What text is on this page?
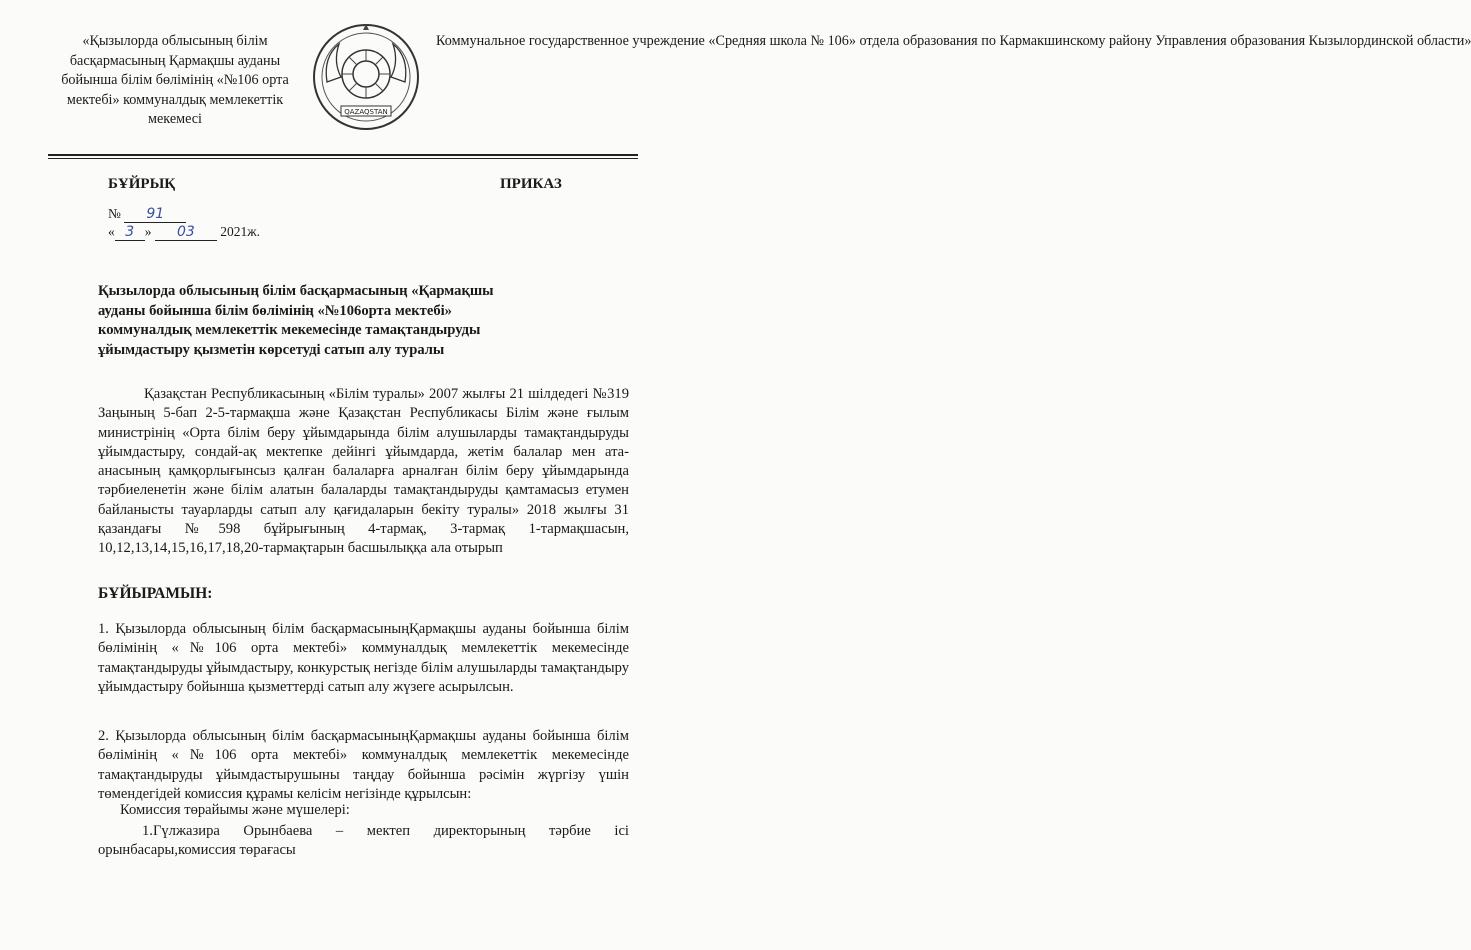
«Қызылорда облысының білім басқармасының Қармақшы ауданы бойынша білім бөлімінің «№106 орта мектебі» коммуналдық мемлекеттік мекемесі	QAZAQSTAN
Коммунальное государственное учреждение «Средняя школа № 106» отдела образования по Кармакшинскому району Управления образования Кызылординской области»
БҰЙРЫҚ	ПРИКАЗ
№ 91
« 3 » 03 2021ж.
Қызылорда облысының білім басқармасының «Қармақшы ауданы бойынша білім бөлімінің «№106орта мектебі» коммуналдық мемлекеттік мекемесінде тамақтандыруды ұйымдастыру қызметін көрсетуді сатып алу туралы
Қазақстан Республикасының «Білім туралы» 2007 жылғы 21 шілдедегі №319 Заңының 5-бап 2-5-тармақша және Қазақстан Республикасы Білім және ғылым министрінің «Орта білім беру ұйымдарында білім алушыларды тамақтандыруды ұйымдастыру, сондай-ақ мектепке дейінгі ұйымдарда, жетім балалар мен ата-анасының қамқорлығынсыз қалған балаларға арналған білім беру ұйымдарында тәрбиеленетін және білім алатын балаларды тамақтандыруды қамтамасыз етумен байланысты тауарларды сатып алу қағидаларын бекіту туралы» 2018 жылғы 31 қазандағы №598 бұйрығының 4-тармақ, 3-тармақ 1-тармақшасын, 10,12,13,14,15,16,17,18,20-тармақтарын басшылыққа ала отырып
БҰЙЫРАМЫН:
1. Қызылорда облысының білім басқармасыныңҚармақшы ауданы бойынша білім бөлімінің «№106 орта мектебі» коммуналдық мемлекеттік мекемесінде тамақтандыруды ұйымдастыру, конкурстық негізде білім алушыларды тамақтандыру ұйымдастыру бойынша қызметтерді сатып алу жүзеге асырылсын.
2. Қызылорда облысының білім басқармасыныңҚармақшы ауданы бойынша білім бөлімінің «№106 орта мектебі» коммуналдық мемлекеттік мекемесінде тамақтандыруды ұйымдастырушыны таңдау бойынша рәсімін жүргізу үшін төмендегідей комиссия құрамы келісім негізінде құрылсын:
Комиссия төрайымы және мүшелері:
1.Гүлжазира Орынбаева – мектеп директорының тәрбие ісі орынбасары,комиссия төрағасы
